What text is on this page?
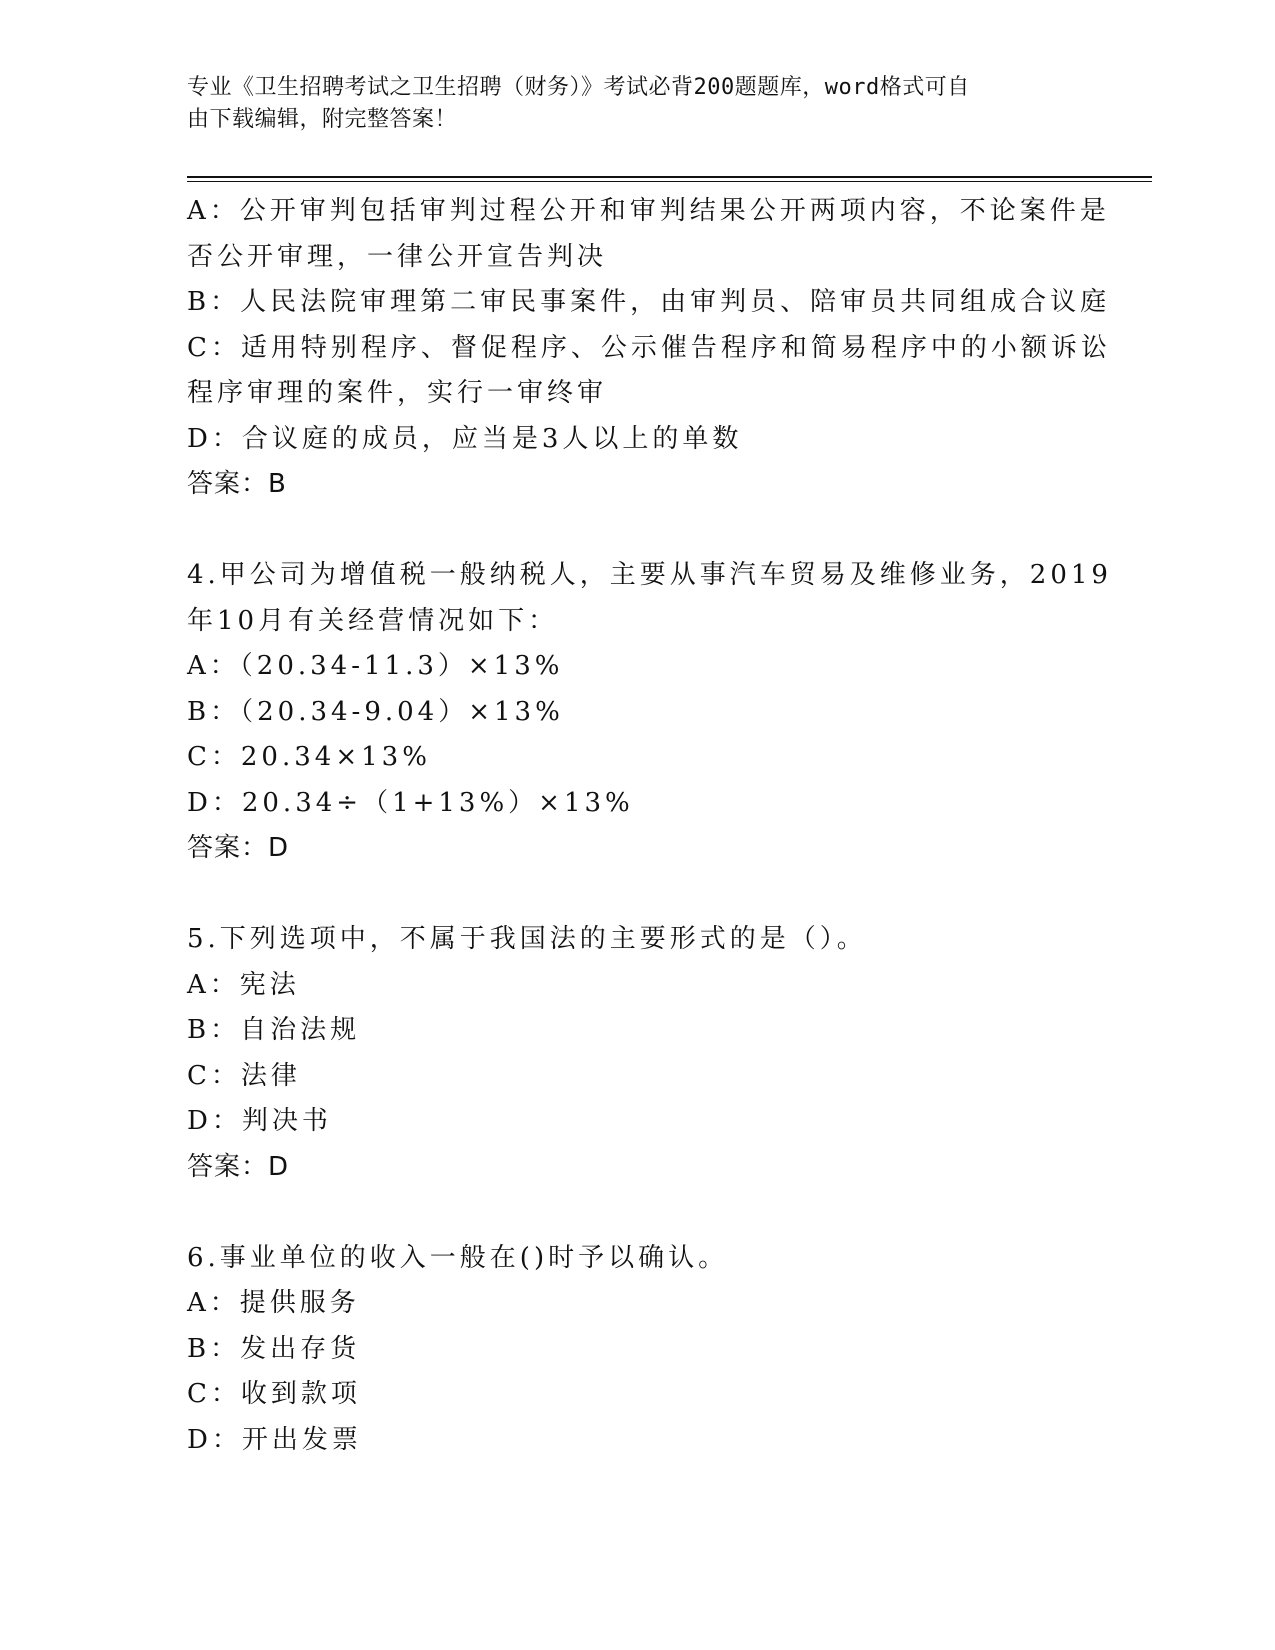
专业《卫生招聘考试之卫生招聘（财务）》考试必背200题题库，word格式可自
由下载编辑，附完整答案！
A：公开审判包括审判过程公开和审判结果公开两项内容，不论案件是
否公开审理，一律公开宣告判决
B：人民法院审理第二审民事案件，由审判员、陪审员共同组成合议庭
C：适用特别程序、督促程序、公示催告程序和简易程序中的小额诉讼
程序审理的案件，实行一审终审
D：合议庭的成员，应当是3人以上的单数
答案：B
4.甲公司为增值税一般纳税人，主要从事汽车贸易及维修业务，2019
年10月有关经营情况如下：
A：（20.34-11.3）×13%
B：（20.34-9.04）×13%
C：20.34×13%
D：20.34÷（1+13%）×13%
答案：D
5.下列选项中，不属于我国法的主要形式的是（）。
A：宪法
B：自治法规
C：法律
D：判决书
答案：D
6.事业单位的收入一般在()时予以确认。
A：提供服务
B：发出存货
C：收到款项
D：开出发票
